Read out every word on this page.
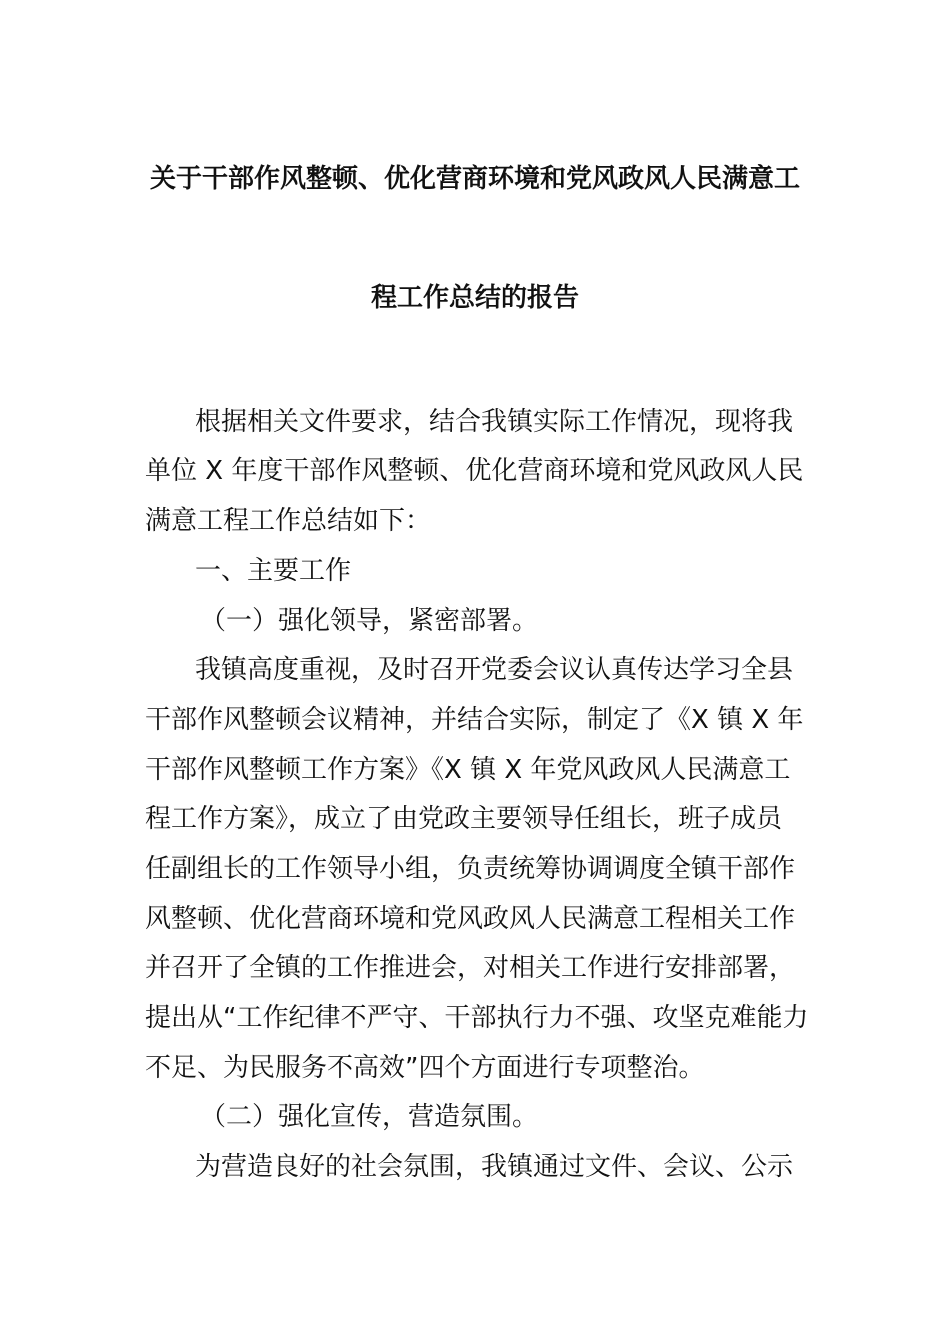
关于干部作风整顿、优化营商环境和党风政风人民满意工
程工作总结的报告
根据相关文件要求，结合我镇实际工作情况，现将我
单位 X 年度干部作风整顿、优化营商环境和党风政风人民
满意工程工作总结如下：
一、主要工作
（一）强化领导，紧密部署。
我镇高度重视，及时召开党委会议认真传达学习全县
干部作风整顿会议精神，并结合实际，制定了《X 镇 X 年
干部作风整顿工作方案》《X 镇 X 年党风政风人民满意工
程工作方案》，成立了由党政主要领导任组长，班子成员
任副组长的工作领导小组，负责统筹协调调度全镇干部作
风整顿、优化营商环境和党风政风人民满意工程相关工作
并召开了全镇的工作推进会，对相关工作进行安排部署，
提出从“工作纪律不严守、干部执行力不强、攻坚克难能力
不足、为民服务不高效”四个方面进行专项整治。
（二）强化宣传，营造氛围。
为营造良好的社会氛围，我镇通过文件、会议、公示
